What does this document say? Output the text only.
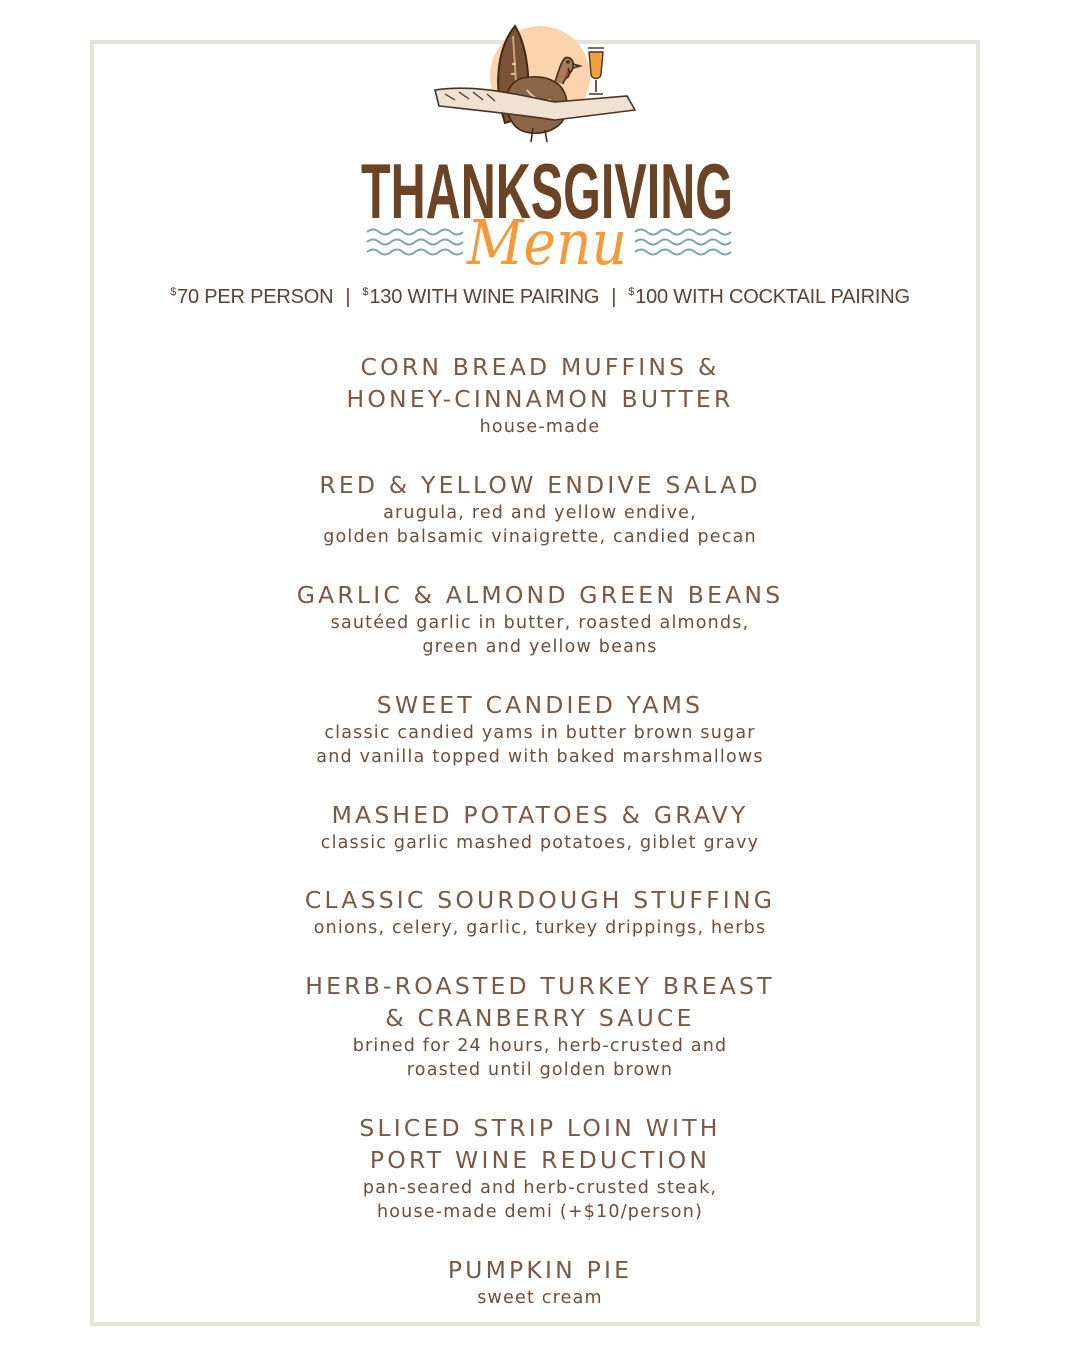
THANKSGIVING
Menu
$70 PER PERSON | $130 WITH WINE PAIRING | $100 WITH COCKTAIL PAIRING
CORN BREAD MUFFINS &
HONEY-CINNAMON BUTTER
house-made
RED & YELLOW ENDIVE SALAD
arugula, red and yellow endive,
golden balsamic vinaigrette, candied pecan
GARLIC & ALMOND GREEN BEANS
sautéed garlic in butter, roasted almonds,
green and yellow beans
SWEET CANDIED YAMS
classic candied yams in butter brown sugar
and vanilla topped with baked marshmallows
MASHED POTATOES & GRAVY
classic garlic mashed potatoes, giblet gravy
CLASSIC SOURDOUGH STUFFING
onions, celery, garlic, turkey drippings, herbs
HERB-ROASTED TURKEY BREAST
& CRANBERRY SAUCE
brined for 24 hours, herb-crusted and
roasted until golden brown
SLICED STRIP LOIN WITH
PORT WINE REDUCTION
pan-seared and herb-crusted steak,
house-made demi (+$10/person)
PUMPKIN PIE
sweet cream
